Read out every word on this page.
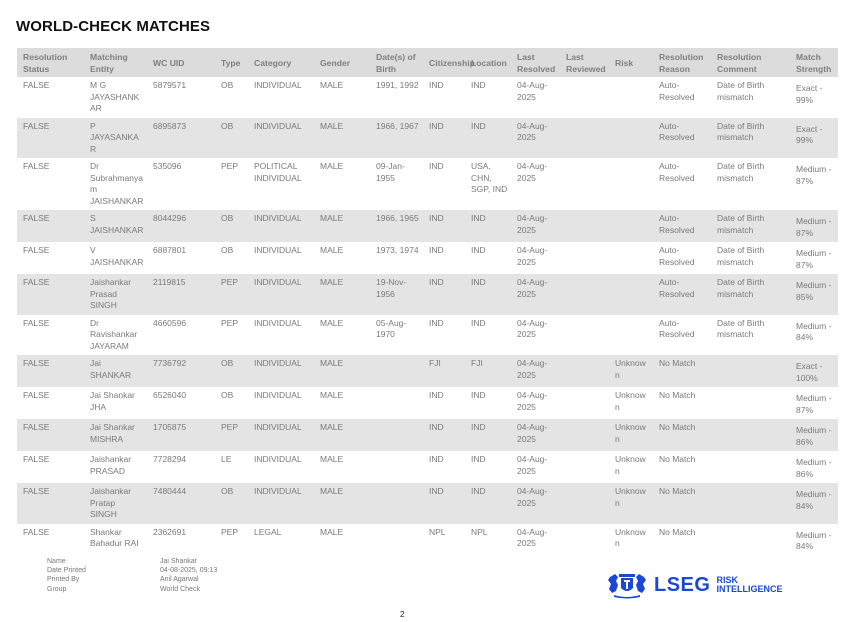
WORLD-CHECK MATCHES
Resolution Status	Matching Entity	WC UID	Type	Category	Gender	Date(s) of Birth	Citizenship	Location	Last Resolved	Last Reviewed	Risk	Resolution Reason	Resolution Comment	Match Strength
FALSE	M G JAYASHANKAR	5879571	OB	INDIVIDUAL	MALE	1991, 1992	IND	IND	04-Aug-2025			Auto-Resolved	Date of Birth mismatch	Exact - 99%
FALSE	P JAYASANKAR	6895873	OB	INDIVIDUAL	MALE	1966, 1967	IND	IND	04-Aug-2025			Auto-Resolved	Date of Birth mismatch	Exact - 99%
FALSE	Dr Subrahmanyam JAISHANKAR	535096	PEP	POLITICAL INDIVIDUAL	MALE	09-Jan-1955	IND	USA, CHN, SGP, IND	04-Aug-2025			Auto-Resolved	Date of Birth mismatch	Medium - 87%
FALSE	S JAISHANKAR	8044296	OB	INDIVIDUAL	MALE	1966, 1965	IND	IND	04-Aug-2025			Auto-Resolved	Date of Birth mismatch	Medium - 87%
FALSE	V JAISHANKAR	6887801	OB	INDIVIDUAL	MALE	1973, 1974	IND	IND	04-Aug-2025			Auto-Resolved	Date of Birth mismatch	Medium - 87%
FALSE	Jaishankar Prasad SINGH	2119815	PEP	INDIVIDUAL	MALE	19-Nov-1956	IND	IND	04-Aug-2025			Auto-Resolved	Date of Birth mismatch	Medium - 85%
FALSE	Dr Ravishankar JAYARAM	4660596	PEP	INDIVIDUAL	MALE	05-Aug-1970	IND	IND	04-Aug-2025			Auto-Resolved	Date of Birth mismatch	Medium - 84%
FALSE	Jai SHANKAR	7736792	OB	INDIVIDUAL	MALE		FJI	FJI	04-Aug-2025		Unknown	No Match		Exact - 100%
FALSE	Jai Shankar JHA	6526040	OB	INDIVIDUAL	MALE		IND	IND	04-Aug-2025		Unknown	No Match		Medium - 87%
FALSE	Jai Shankar MISHRA	1705875	PEP	INDIVIDUAL	MALE		IND	IND	04-Aug-2025		Unknown	No Match		Medium - 86%
FALSE	Jaishankar PRASAD	7728294	LE	INDIVIDUAL	MALE		IND	IND	04-Aug-2025		Unknown	No Match		Medium - 86%
FALSE	Jaishankar Pratap SINGH	7480444	OB	INDIVIDUAL	MALE		IND	IND	04-Aug-2025		Unknown	No Match		Medium - 84%
FALSE	Shankar Bahadur RAI	2362691	PEP	LEGAL	MALE		NPL	NPL	04-Aug-2025		Unknown	No Match		Medium - 84%
Name	Jai Shankar
Date Printed	04-08-2025, 09:13
Printed By	Anil Agarwal
Group	World Check	LSEG RISK
INTELLIGENCE
2
